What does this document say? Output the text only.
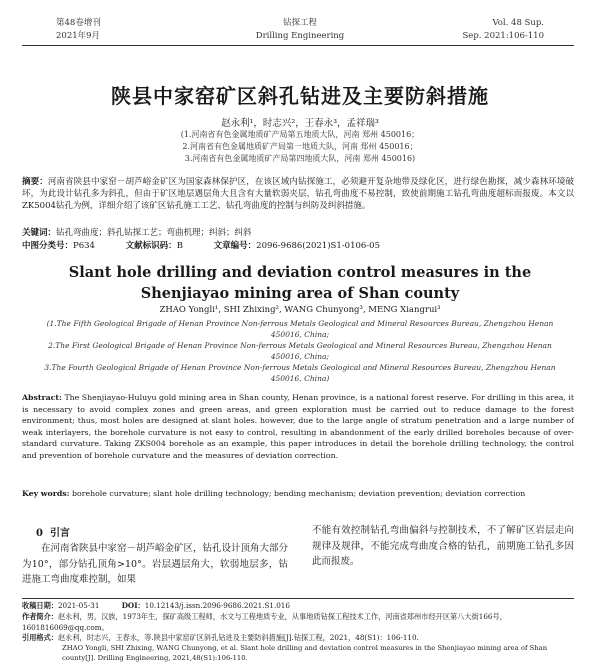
第48卷增刊
2021年9月
钻探工程
Drilling Engineering
Vol. 48 Sup.
Sep. 2021:106-110
陕县中家窑矿区斜孔钻进及主要防斜措施
赵永利¹，时志兴²，王春永³，孟祥瑞³
(1.河南省有色金属地质矿产局第五地质大队，河南 郑州 450016；
2.河南省有色金属地质矿产局第一地质大队，河南 郑州 450016；
3.河南省有色金属地质矿产局第四地质大队，河南 郑州 450016)
摘要：河南省陕县中家窑－胡芦峪金矿区为国家森林保护区，在该区域内钻探施工，必须避开复杂地带及绿化区，进行绿色勘探，减少森林环境破坏，为此设计钻孔多为斜孔，但由于矿区地层遇层角大且含有大量软弱夹层，钻孔弯曲度不易控制，致使前期施工钻孔弯曲度超标而报废。本文以ZK5004钻孔为例，详细介绍了该矿区钻孔施工工艺、钻孔弯曲度的控制与纠防及纠斜措施。
关键词：钻孔弯曲度；斜孔钻探工艺；弯曲机理；纠斜；纠斜
中图分类号：P634	文献标识码：B	文章编号：2096-9686(2021)S1-0106-05
Slant hole drilling and deviation control measures in the Shenjiayao mining area of Shan county
ZHAO Yongli¹, SHI Zhixing², WANG Chunyong³, MENG Xiangrui³
(1.The Fifth Geological Brigade of Henan Province Non-ferrous Metals Geological and Mineral Resources Bureau, Zhengzhou Henan 450016, China;
2.The First Geological Brigade of Henan Province Non-ferrous Metals Geological and Mineral Resources Bureau, Zhengzhou Henan 450016, China;
3.The Fourth Geological Brigade of Henan Province Non-ferrous Metals Geological and Mineral Resources Bureau, Zhengzhou Henan 450016, China)
Abstract: The Shenjiayao-Huluyu gold mining area in Shan county, Henan province, is a national forest reserve. For drilling in this area, it is necessary to avoid complex zones and green areas, and green exploration must be carried out to reduce damage to the forest environment; thus, most holes are designed at slant holes. however, due to the large angle of stratum penetration and a large number of weak interlayers, the borehole curvature is not easy to control, resulting in abandonment of the early drilled boreholes because of over-standard curvature. Taking ZKS004 borehole as an example, this paper introduces in detail the borehole drilling technology, the control and prevention of borehole curvature and the measures of deviation correction.
Key words: borehole curvature; slant hole drilling technology; bending mechanism; deviation prevention; deviation correction
0 引言
在河南省陕县中家窑－胡芦峪金矿区，钻孔设计顶角大部分为10°，部分钻孔顶角>10°。岩层遇层角大，软弱地层多，钻进施工弯曲度难控制，如果
不能有效控制钻孔弯曲偏斜与控制技术，不了解矿区岩层走向规律及规律，不能完成弯曲度合格的钻孔，前期施工钻孔多因此而报废。
收稿日期：2021-05-31	DOI：10.12143/j.issn.2096-9686.2021.S1.016
作者简介：赵永利，男，汉族，1973年生，探矿高级工程师，水文与工程地质专业，从事地质钻探工程技术工作，河南省郑州市经开区第八大街166号，1601816069@qq.com。
引用格式：赵永利，时志兴，王春永，等.陕县中家窑矿区斜孔钻进及主要防斜措施[J].钻探工程，2021，48(S1)：106-110.
ZHAO Yongli, SHI Zhixing, WANG Chunyong, et al. Slant hole drilling and deviation control measures in the Shenjiayao mining area of Shan county[J]. Drilling Engineering, 2021,48(S1):106-110.
